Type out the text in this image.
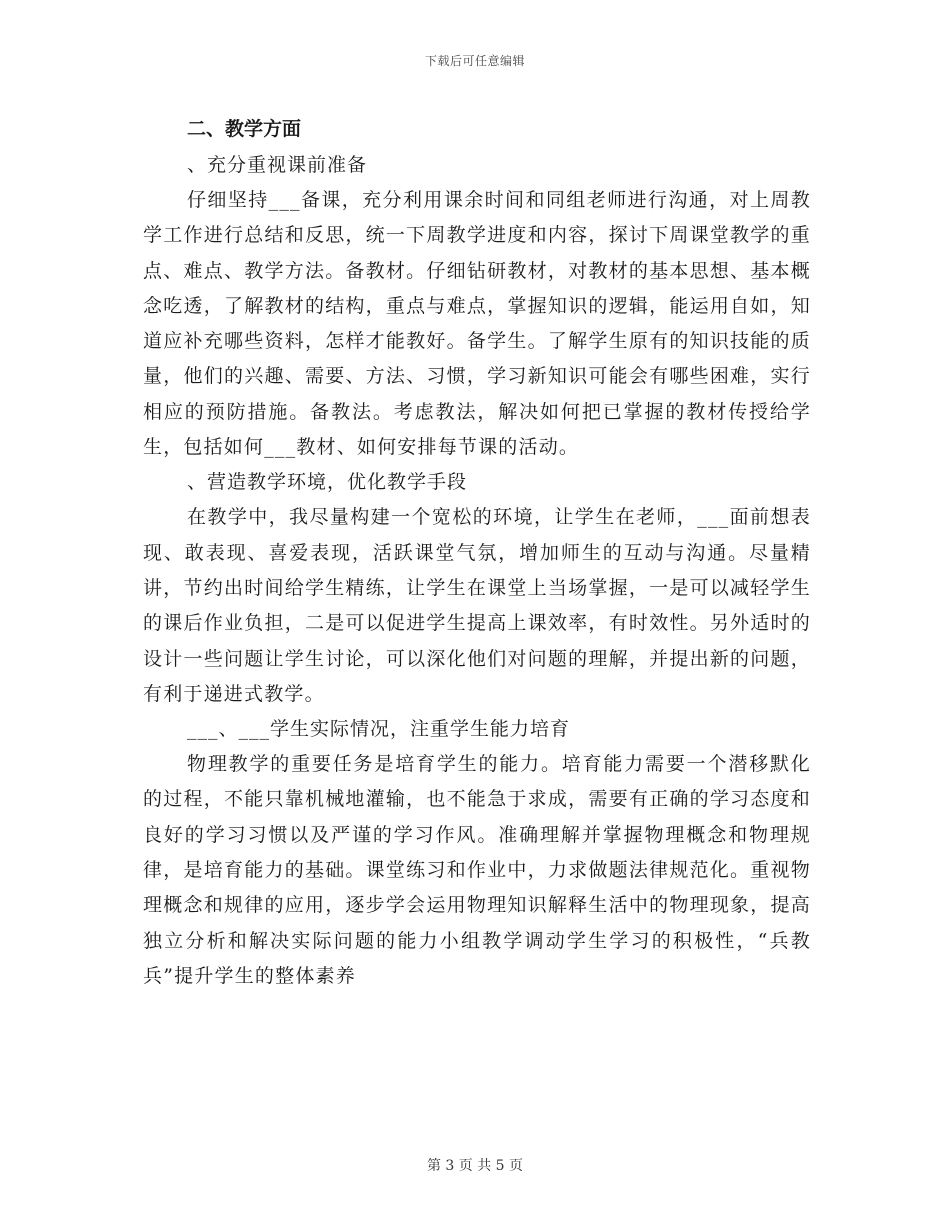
下载后可任意编辑
二、教学方面
、充分重视课前准备

仔细坚持___备课，充分利用课余时间和同组老师进行沟通，对上周教学工作进行总结和反思，统一下周教学进度和内容，探讨下周课堂教学的重点、难点、教学方法。备教材。仔细钻研教材，对教材的基本思想、基本概念吃透，了解教材的结构，重点与难点，掌握知识的逻辑，能运用自如，知道应补充哪些资料，怎样才能教好。备学生。了解学生原有的知识技能的质量，他们的兴趣、需要、方法、习惯，学习新知识可能会有哪些困难，实行相应的预防措施。备教法。考虑教法，解决如何把已掌握的教材传授给学生，包括如何___教材、如何安排每节课的活动。

、营造教学环境，优化教学手段

在教学中，我尽量构建一个宽松的环境，让学生在老师，___面前想表现、敢表现、喜爱表现，活跃课堂气氛，增加师生的互动与沟通。尽量精讲，节约出时间给学生精练，让学生在课堂上当场掌握，一是可以减轻学生的课后作业负担，二是可以促进学生提高上课效率，有时效性。另外适时的设计一些问题让学生讨论，可以深化他们对问题的理解，并提出新的问题，有利于递进式教学。

___、___学生实际情况，注重学生能力培育

物理教学的重要任务是培育学生的能力。培育能力需要一个潜移默化的过程，不能只靠机械地灌输，也不能急于求成，需要有正确的学习态度和良好的学习习惯以及严谨的学习作风。准确理解并掌握物理概念和物理规律，是培育能力的基础。课堂练习和作业中，力求做题法律规范化。重视物理概念和规律的应用，逐步学会运用物理知识解释生活中的物理现象，提高独立分析和解决实际问题的能力小组教学调动学生学习的积极性，“兵教兵”提升学生的整体素养

第 3 页 共 5 页
